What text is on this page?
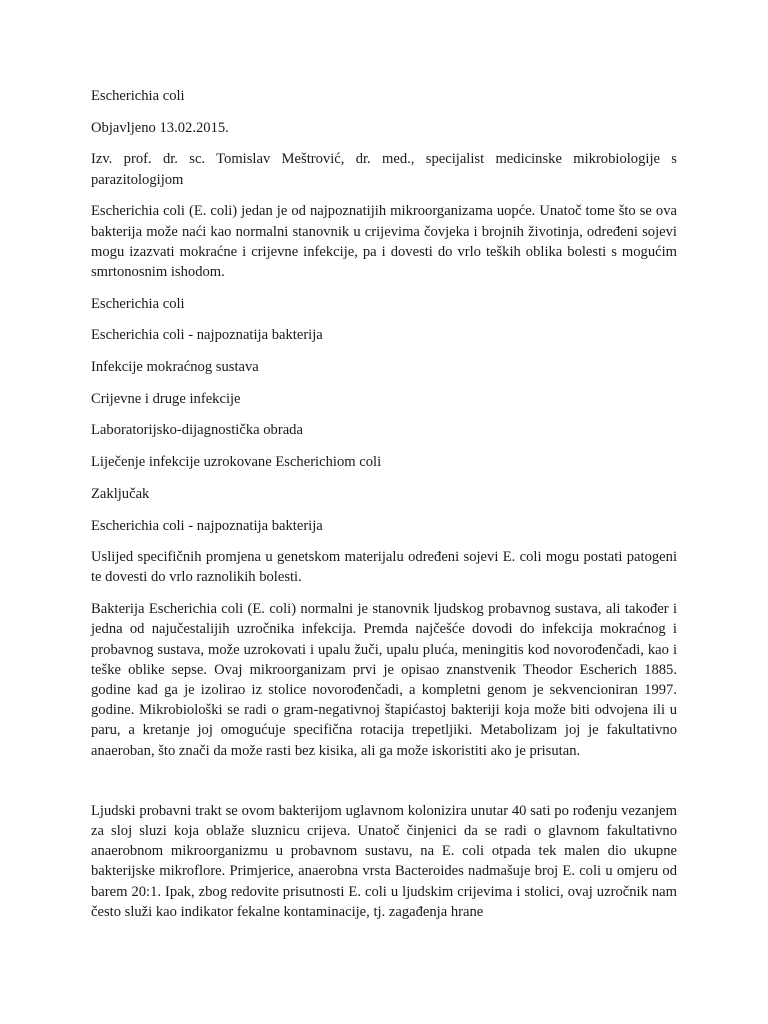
Escherichia coli

Objavljeno 13.02.2015.

Izv. prof. dr. sc. Tomislav Meštrović, dr. med., specijalist medicinske mikrobiologije s parazitologijom

Escherichia coli (E. coli) jedan je od najpoznatijih mikroorganizama uopće. Unatoč tome što se ova bakterija može naći kao normalni stanovnik u crijevima čovjeka i brojnih životinja, određeni sojevi mogu izazvati mokraćne i crijevne infekcije, pa i dovesti do vrlo teških oblika bolesti s mogućim smrtonosnim ishodom.

Escherichia coli

Escherichia coli - najpoznatija bakterija

Infekcije mokraćnog sustava

Crijevne i druge infekcije

Laboratorijsko-dijagnostička obrada

Liječenje infekcije uzrokovane Escherichiom coli

Zaključak

Escherichia coli - najpoznatija bakterija

Uslijed specifičnih promjena u genetskom materijalu određeni sojevi E. coli mogu postati patogeni te dovesti do vrlo raznolikih bolesti.

Bakterija Escherichia coli (E. coli) normalni je stanovnik ljudskog probavnog sustava, ali također i jedna od najučestalijih uzročnika infekcija. Premda najčešće dovodi do infekcija mokraćnog i probavnog sustava, može uzrokovati i upalu žuči, upalu pluća, meningitis kod novorođenčadi, kao i teške oblike sepse. Ovaj mikroorganizam prvi je opisao znanstvenik Theodor Escherich 1885. godine kad ga je izolirao iz stolice novorođenčadi, a kompletni genom je sekvencioniran 1997. godine. Mikrobiološki se radi o gram-negativnoj štapićastoj bakteriji koja može biti odvojena ili u paru, a kretanje joj omogućuje specifična rotacija trepetljiki. Metabolizam joj je fakultativno anaeroban, što znači da može rasti bez kisika, ali ga može iskoristiti ako je prisutan.

Ljudski probavni trakt se ovom bakterijom uglavnom kolonizira unutar 40 sati po rođenju vezanjem za sloj sluzi koja oblaže sluznicu crijeva. Unatoč činjenici da se radi o glavnom fakultativno anaerobnom mikroorganizmu u probavnom sustavu, na E. coli otpada tek malen dio ukupne bakterijske mikroflore. Primjerice, anaerobna vrsta Bacteroides nadmašuje broj E. coli u omjeru od barem 20:1. Ipak, zbog redovite prisutnosti E. coli u ljudskim crijevima i stolici, ovaj uzročnik nam često služi kao indikator fekalne kontaminacije, tj. zagađenja hrane
